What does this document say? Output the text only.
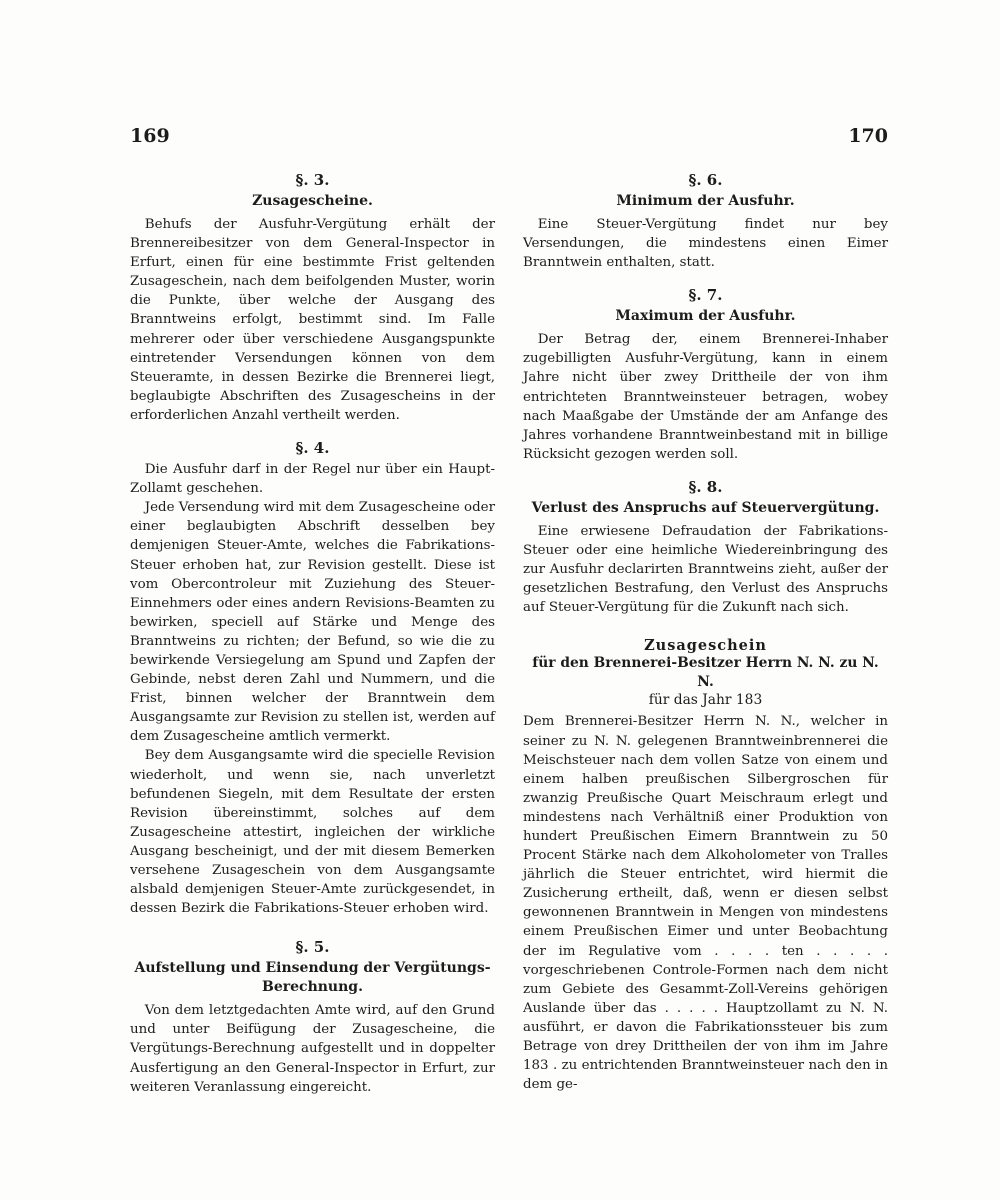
169
§. 3.
Zusagescheine.

Behufs der Ausfuhr-Vergütung erhält der Brennereibesitzer von dem General-Inspector in Erfurt, einen für eine bestimmte Frist geltenden Zusageschein, nach dem beifolgenden Muster, worin die Punkte, über welche der Ausgang des Branntweins erfolgt, bestimmt sind. Im Falle mehrerer oder über verschiedene Ausgangspunkte eintretender Versendungen können von dem Steueramte, in dessen Bezirke die Brennerei liegt, beglaubigte Abschriften des Zusagescheins in der erforderlichen Anzahl vertheilt werden.

§. 4.

Die Ausfuhr darf in der Regel nur über ein Haupt-Zollamt geschehen.

Jede Versendung wird mit dem Zusagescheine oder einer beglaubigten Abschrift desselben bey demjenigen Steuer-Amte, welches die Fabrikations-Steuer erhoben hat, zur Revision gestellt. Diese ist vom Obercontroleur mit Zuziehung des Steuer-Einnehmers oder eines andern Revisions-Beamten zu bewirken, speciell auf Stärke und Menge des Branntweins zu richten; der Befund, so wie die zu bewirkende Versiegelung am Spund und Zapfen der Gebinde, nebst deren Zahl und Nummern, und die Frist, binnen welcher der Branntwein dem Ausgangsamte zur Revision zu stellen ist, werden auf dem Zusagescheine amtlich vermerkt.

Bey dem Ausgangsamte wird die specielle Revision wiederholt, und wenn sie, nach unverletzt befundenen Siegeln, mit dem Resultate der ersten Revision übereinstimmt, solches auf dem Zusagescheine attestirt, ingleichen der wirkliche Ausgang bescheinigt, und der mit diesem Bemerken versehene Zusageschein von dem Ausgangsamte alsbald demjenigen Steuer-Amte zurückgesendet, in dessen Bezirk die Fabrikations-Steuer erhoben wird.

§. 5.
Aufstellung und Einsendung der Vergütungs-Berechnung.

Von dem letztgedachten Amte wird, auf den Grund und unter Beifügung der Zusagescheine, die Vergütungs-Berechnung aufgestellt und in doppelter Ausfertigung an den General-Inspector in Erfurt, zur weiteren Veranlassung eingereicht.

170
§. 6.
Minimum der Ausfuhr.

Eine Steuer-Vergütung findet nur bey Versendungen, die mindestens einen Eimer Branntwein enthalten, statt.

§. 7.
Maximum der Ausfuhr.

Der Betrag der, einem Brennerei-Inhaber zugebilligten Ausfuhr-Vergütung, kann in einem Jahre nicht über zwey Drittheile der von ihm entrichteten Branntweinsteuer betragen, wobey nach Maaßgabe der Umstände der am Anfange des Jahres vorhandene Branntweinbestand mit in billige Rücksicht gezogen werden soll.

§. 8.
Verlust des Anspruchs auf Steuervergütung.

Eine erwiesene Defraudation der Fabrikations-Steuer oder eine heimliche Wiedereinbringung des zur Ausfuhr declarirten Branntweins zieht, außer der gesetzlichen Bestrafung, den Verlust des Anspruchs auf Steuer-Vergütung für die Zukunft nach sich.

Zusageschein
für den Brennerei-Besitzer Herrn N. N. zu N. N.
für das Jahr 183

Dem Brennerei-Besitzer Herrn N. N., welcher in seiner zu N. N. gelegenen Branntweinbrennerei die Meischsteuer nach dem vollen Satze von einem und einem halben preußischen Silbergroschen für zwanzig Preußische Quart Meischraum erlegt und mindestens nach Verhältniß einer Produktion von hundert Preußischen Eimern Branntwein zu 50 Procent Stärke nach dem Alkoholometer von Tralles jährlich die Steuer entrichtet, wird hiermit die Zusicherung ertheilt, daß, wenn er diesen selbst gewonnenen Branntwein in Mengen von mindestens einem Preußischen Eimer und unter Beobachtung der im Regulative vom . . . . ten . . . . . vorgeschriebenen Controle-Formen nach dem nicht zum Gebiete des Gesammt-Zoll-Vereins gehörigen Auslande über das . . . . . Hauptzollamt zu N. N. ausführt, er davon die Fabrikationssteuer bis zum Betrage von drey Drittheilen der von ihm im Jahre 183 . zu entrichtenden Branntweinsteuer nach den in dem ge-
